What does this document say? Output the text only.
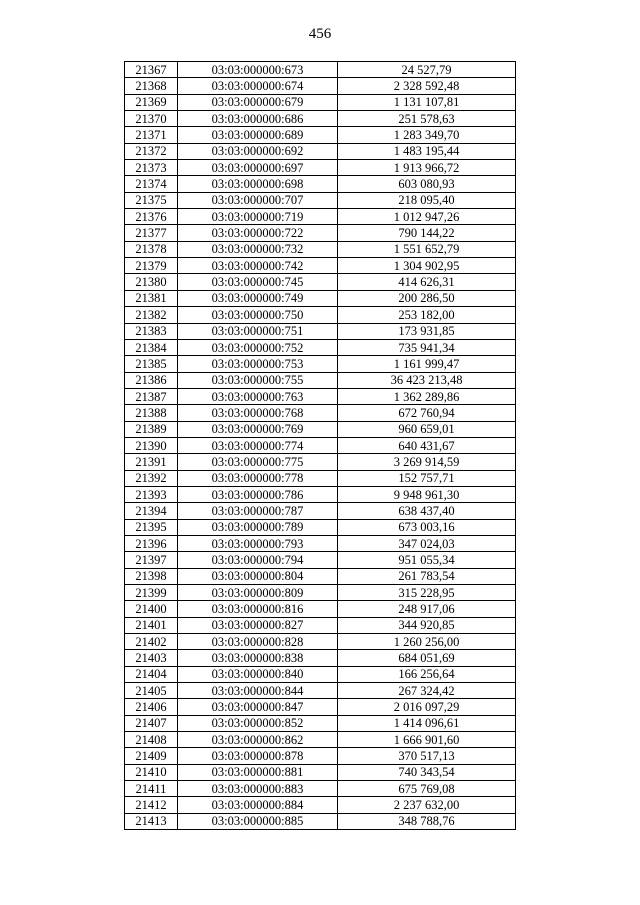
456
21367	03:03:000000:673	24 527,79
21368	03:03:000000:674	2 328 592,48
21369	03:03:000000:679	1 131 107,81
21370	03:03:000000:686	251 578,63
21371	03:03:000000:689	1 283 349,70
21372	03:03:000000:692	1 483 195,44
21373	03:03:000000:697	1 913 966,72
21374	03:03:000000:698	603 080,93
21375	03:03:000000:707	218 095,40
21376	03:03:000000:719	1 012 947,26
21377	03:03:000000:722	790 144,22
21378	03:03:000000:732	1 551 652,79
21379	03:03:000000:742	1 304 902,95
21380	03:03:000000:745	414 626,31
21381	03:03:000000:749	200 286,50
21382	03:03:000000:750	253 182,00
21383	03:03:000000:751	173 931,85
21384	03:03:000000:752	735 941,34
21385	03:03:000000:753	1 161 999,47
21386	03:03:000000:755	36 423 213,48
21387	03:03:000000:763	1 362 289,86
21388	03:03:000000:768	672 760,94
21389	03:03:000000:769	960 659,01
21390	03:03:000000:774	640 431,67
21391	03:03:000000:775	3 269 914,59
21392	03:03:000000:778	152 757,71
21393	03:03:000000:786	9 948 961,30
21394	03:03:000000:787	638 437,40
21395	03:03:000000:789	673 003,16
21396	03:03:000000:793	347 024,03
21397	03:03:000000:794	951 055,34
21398	03:03:000000:804	261 783,54
21399	03:03:000000:809	315 228,95
21400	03:03:000000:816	248 917,06
21401	03:03:000000:827	344 920,85
21402	03:03:000000:828	1 260 256,00
21403	03:03:000000:838	684 051,69
21404	03:03:000000:840	166 256,64
21405	03:03:000000:844	267 324,42
21406	03:03:000000:847	2 016 097,29
21407	03:03:000000:852	1 414 096,61
21408	03:03:000000:862	1 666 901,60
21409	03:03:000000:878	370 517,13
21410	03:03:000000:881	740 343,54
21411	03:03:000000:883	675 769,08
21412	03:03:000000:884	2 237 632,00
21413	03:03:000000:885	348 788,76
